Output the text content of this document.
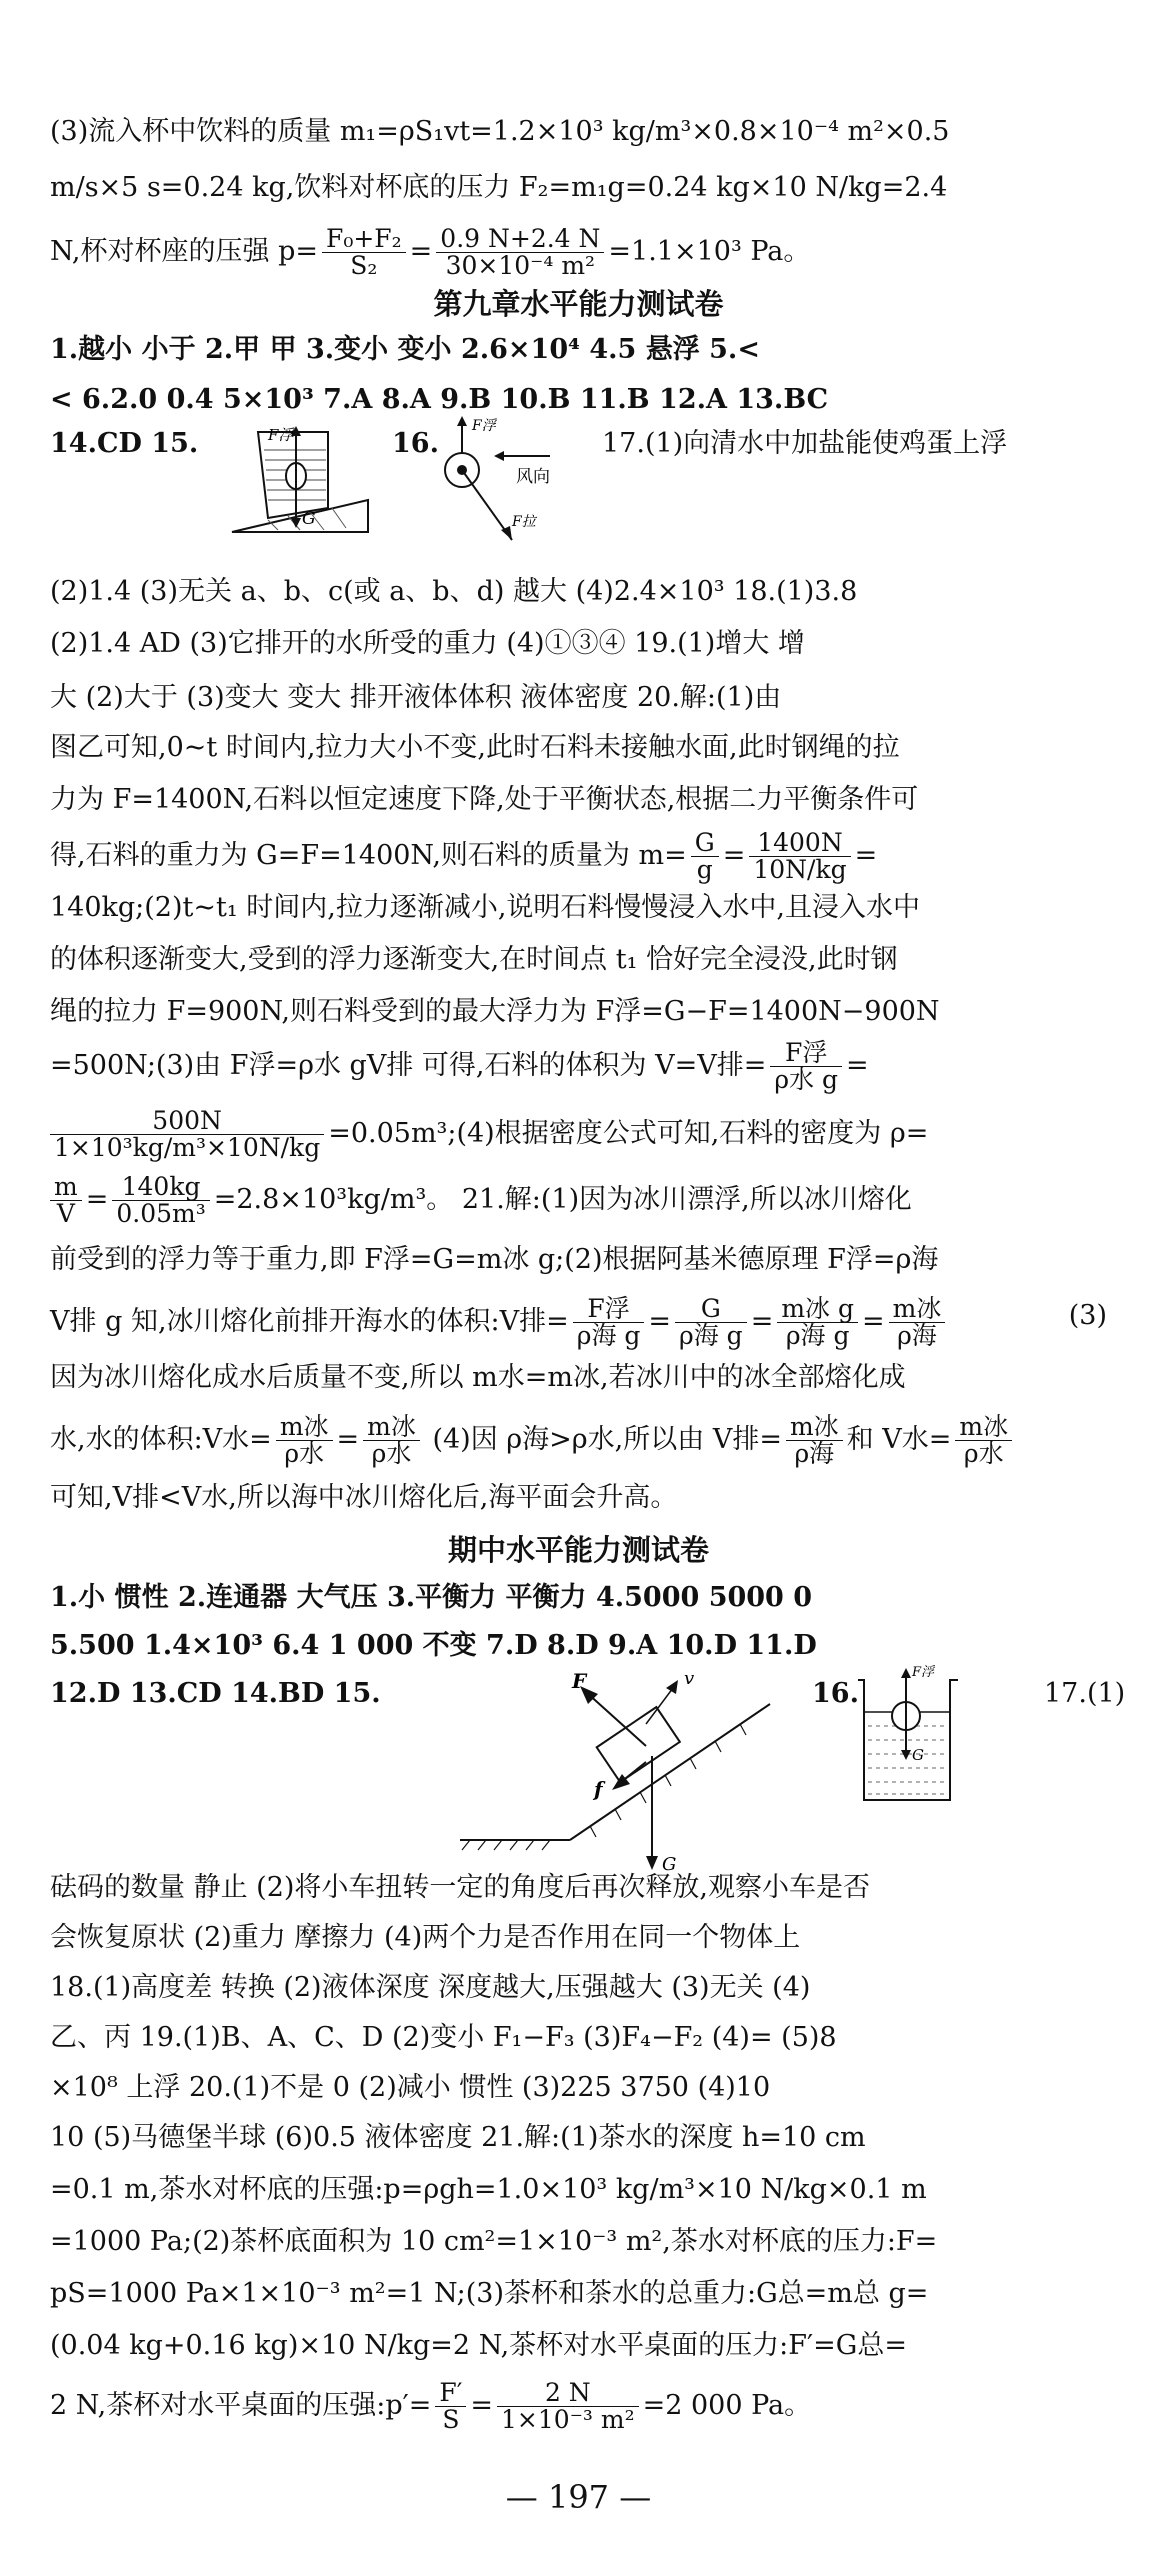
(3)流入杯中饮料的质量 m₁=ρS₁vt=1.2×10³ kg/m³×0.8×10⁻⁴ m²×0.5
m/s×5 s=0.24 kg,饮料对杯底的压力 F₂=m₁g=0.24 kg×10 N/kg=2.4
N,杯对杯座的压强 $p= \frac{\text{F₀+F₂}}{\text{S₂}} = \frac{0.9 N+2.4 N}{\text{30×10⁻⁴ m²}} =1.1\times 10^3$ Pa。
第九章水平能力测试卷
1.越小 小于 2.甲 甲 3.变小 变小 2.6×10⁴ 4.5 悬浮 5.<
< 6.2.0 0.4 5×10³ 7.A 8.A 9.B 10.B 11.B 12.A 13.BC
14.CD 15.	16.	17.(1)向清水中加盐能使鸡蛋上浮
F浮
G
F浮
风向
F拉
(2)1.4 (3)无关 a、b、c(或 a、b、d) 越大 (4)2.4×10³ 18.(1)3.8
(2)1.4 AD (3)它排开的水所受的重力 (4)①③④ 19.(1)增大 增
大 (2)大于 (3)变大 变大 排开液体体积 液体密度 20.解:(1)由
图乙可知,0~t 时间内,拉力大小不变,此时石料未接触水面,此时钢绳的拉
力为 F=1400N,石料以恒定速度下降,处于平衡状态,根据二力平衡条件可
得,石料的重力为 G=F=1400N,则石料的质量为 $m= \frac{G}{g} = \frac{1400N}{10N/kg}$ =
140kg;(2)t~t₁ 时间内,拉力逐渐减小,说明石料慢慢浸入水中,且浸入水中
的体积逐渐变大,受到的浮力逐渐变大,在时间点 t₁ 恰好完全浸没,此时钢
绳的拉力 F=900N,则石料受到的最大浮力为 F浮=G−F=1400N−900N
=500N;(3)由 F浮=ρ水 gV排 可得,石料的体积为 V=V排= $\frac{\text{F浮}}{\text{ρ水 g}}$ =
$\frac{500N}{\text{1×10³kg/m³×10N/kg}}$ =0.05m³;(4)根据密度公式可知,石料的密度为 ρ=
$\frac{m}{V} = \frac{140kg}{\text{0.05m³}} =2.8\times 10^3kg/m^3$。 21.解:(1)因为冰川漂浮,所以冰川熔化
前受到的浮力等于重力,即 F浮=G=m冰 g;(2)根据阿基米德原理 F浮=ρ海
V排 g 知,冰川熔化前排开海水的体积:V排= $\frac{\text{F浮}}{\text{ρ海 g}} = \frac{G}{\text{ρ海 g}} = \frac{\text{m冰 g}}{\text{ρ海 g}} = \frac{\text{m冰}}{\text{ρ海}}$	(3)
因为冰川熔化成水后质量不变,所以 m水=m冰,若冰川中的冰全部熔化成
水,水的体积:V水= $\frac{\text{m冰}}{\text{ρ水}} = \frac{\text{m冰}}{\text{ρ水}} (4)$因 ρ海>ρ水,所以由 V排= $\frac{\text{m冰}}{\text{ρ海}}$ 和 V水= $\frac{\text{m冰}}{\text{ρ水}}$
可知,V排<V水,所以海中冰川熔化后,海平面会升高。
期中水平能力测试卷
1.小 惯性 2.连通器 大气压 3.平衡力 平衡力 4.5000 5000 0
5.500 1.4×10³ 6.4 1 000 不变 7.D 8.D 9.A 10.D 11.D
12.D 13.CD 14.BD 15.	16.	17.(1)
F	v
f
G
F浮
G
砝码的数量 静止 (2)将小车扭转一定的角度后再次释放,观察小车是否
会恢复原状 (2)重力 摩擦力 (4)两个力是否作用在同一个物体上
18.(1)高度差 转换 (2)液体深度 深度越大,压强越大 (3)无关 (4)
乙、丙 19.(1)B、A、C、D (2)变小 F₁−F₃ (3)F₄−F₂ (4)= (5)8
×10⁸ 上浮 20.(1)不是 0 (2)减小 惯性 (3)225 3750 (4)10
10 (5)马德堡半球 (6)0.5 液体密度 21.解:(1)茶水的深度 h=10 cm
=0.1 m,茶水对杯底的压强:p=ρgh=1.0×10³ kg/m³×10 N/kg×0.1 m
=1000 Pa;(2)茶杯底面积为 10 cm²=1×10⁻³ m²,茶水对杯底的压力:F=
pS=1000 Pa×1×10⁻³ m²=1 N;(3)茶杯和茶水的总重力:G总=m总 g=
(0.04 kg+0.16 kg)×10 N/kg=2 N,茶杯对水平桌面的压力:F′=G总=
2 N,茶杯对水平桌面的压强:p′= $\frac{F'}{S} = \frac{2 N}{\text{1×10⁻³ m²}} =2$ 000 Pa。
— 197 —
